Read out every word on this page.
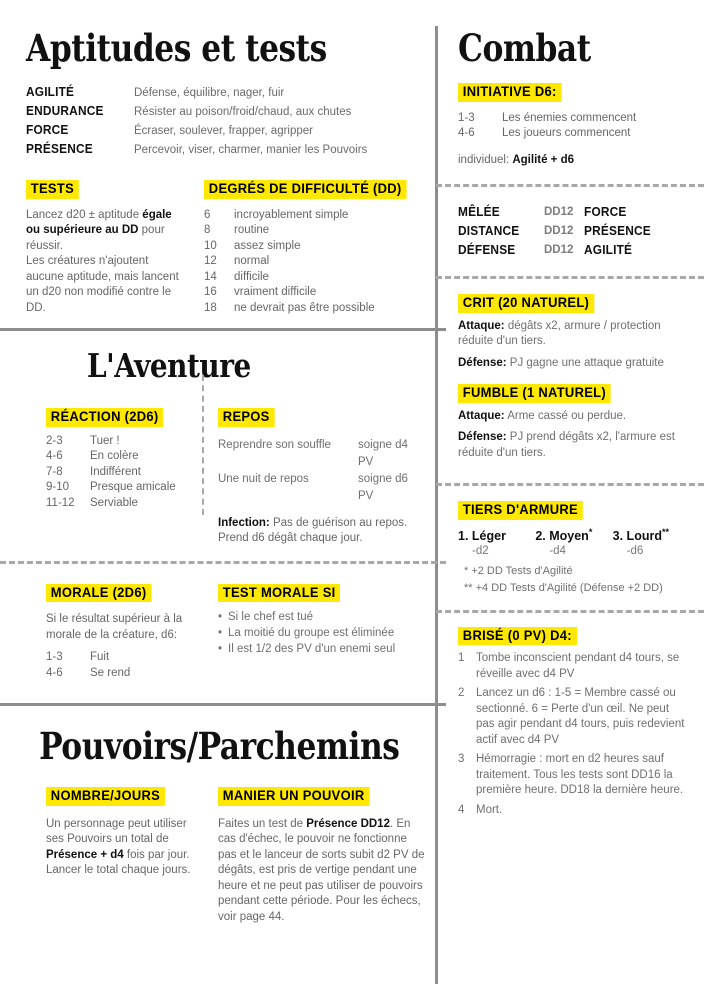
Aptitudes et tests
AGILITÉ	Défense, équilibre, nager, fuir
ENDURANCE	Résister au poison/froid/chaud, aux chutes
FORCE	Écraser, soulever, frapper, agripper
PRÉSENCE	Percevoir, viser, charmer, manier les Pouvoirs
TESTS
Lancez d20 ± aptitude égale ou supérieure au DD pour réussir.
Les créatures n'ajoutent aucune aptitude, mais lancent un d20 non modifié contre le DD.
DEGRÉS DE DIFFICULTÉ (DD)
6	incroyablement simple
8	routine
10	assez simple
12	normal
14	difficile
16	vraiment difficile
18	ne devrait pas être possible
L'Aventure
RÉACTION (2D6)
2-3	Tuer !
4-6	En colère
7-8	Indifférent
9-10	Presque amicale
11-12	Serviable
REPOS
Reprendre son souffle	soigne d4 PV
Une nuit de repos	soigne d6 PV
Infection: Pas de guérison au repos. Prend d6 dégât chaque jour.
MORALE (2D6)
Si le résultat supérieur à la morale de la créature, d6:
1-3	Fuit
4-6	Se rend
TEST MORALE SI
• Si le chef est tué
• La moitié du groupe est éliminée
• Il est 1/2 des PV d'un enemi seul
Pouvoirs/Parchemins
NOMBRE/JOURS
Un personnage peut utiliser ses Pouvoirs un total de Présence + d4 fois par jour. Lancer le total chaque jours.
MANIER UN POUVOIR
Faites un test de Présence DD12. En cas d'échec, le pouvoir ne fonctionne pas et le lanceur de sorts subit d2 PV de dégâts, est pris de vertige pendant une heure et ne peut pas utiliser de pouvoirs pendant cette période. Pour les échecs, voir page 44.
Combat
INITIATIVE D6:
1-3	Les énemies commencent
4-6	Les joueurs commencent
individuel: Agilité + d6
MÊLÉE	DD12 FORCE
DISTANCE	DD12 PRÉSENCE
DÉFENSE	DD12 AGILITÉ
CRIT (20 NATUREL)
Attaque: dégâts x2, armure / protection réduite d'un tiers.
Défense: PJ gagne une attaque gratuite
FUMBLE (1 NATUREL)
Attaque: Arme cassé ou perdue.
Défense: PJ prend dégâts x2, l'armure est réduite d'un tiers.
TIERS D'ARMURE
1. Léger	2. Moyen*	3. Lourd**
-d2	-d4	-d6
* +2 DD Tests d'Agilité
** +4 DD Tests d'Agilité (Défense +2 DD)
BRISÉ (0 PV) D4:
1	Tombe inconscient pendant d4 tours, se réveille avec d4 PV
2	Lancez un d6 : 1-5 = Membre cassé ou sectionné. 6 = Perte d'un œil. Ne peut pas agir pendant d4 tours, puis redevient actif avec d4 PV
3	Hémorragie : mort en d2 heures sauf traitement. Tous les tests sont DD16 la première heure. DD18 la dernière heure.
4	Mort.
